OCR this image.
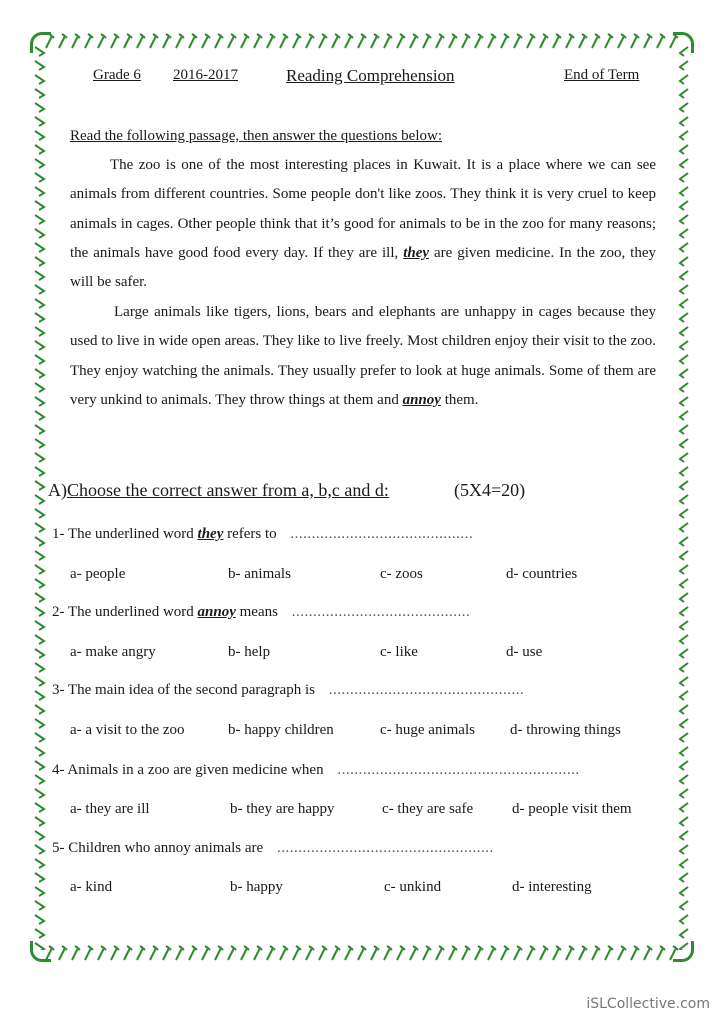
Grade 6 2016-2017	Reading Comprehension	End of Term
Read the following passage, then answer the questions below:

The zoo is one of the most interesting places in Kuwait. It is a place where we can see animals from different countries. Some people don't like zoos. They think it is very cruel to keep animals in cages. Other people think that it’s good for animals to be in the zoo for many reasons; the animals have good food every day. If they are ill, they are given medicine. In the zoo, they will be safer.

Large animals like tigers, lions, bears and elephants are unhappy in cages because they used to live in wide open areas. They like to live freely. Most children enjoy their visit to the zoo. They enjoy watching the animals. They usually prefer to look at huge animals. Some of them are very unkind to animals. They throw things at them and annoy them.

A)Choose the correct answer from a, b,c and d:	(5X4=20)
1- The underlined word they refers to ...........................................
a- people	b- animals	c- zoos	d- countries
2- The underlined word annoy means ..........................................
a- make angry	b- help	c- like	d- use
3- The main idea of the second paragraph is ..............................................
a- a visit to the zoo	b- happy children	c- huge animals d- throwing things
4- Animals in a zoo are given medicine when .........................................................
a- they are ill	b- they are happy	c- they are safe	d- people visit them
5- Children who annoy animals are ...................................................
a- kind	b- happy	c- unkind	d- interesting
iSLCollective.com
